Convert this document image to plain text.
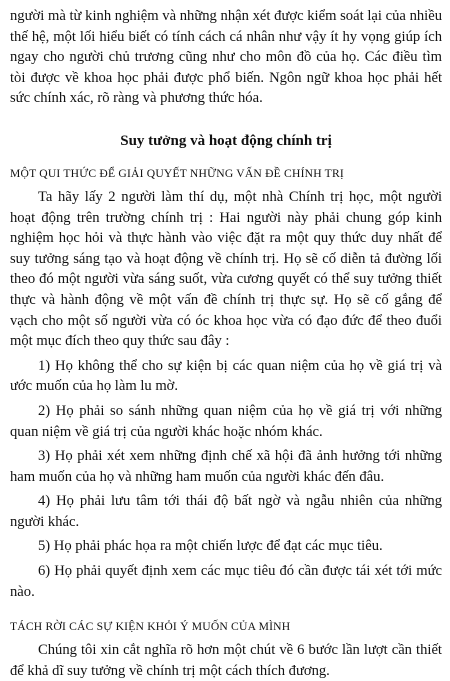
người mà từ kinh nghiệm và những nhận xét được kiểm soát lại của nhiều thế hệ, một lối hiểu biết có tính cách cá nhân như vậy ít hy vọng giúp ích ngay cho người chủ trương cũng như cho môn đồ của họ. Các điều tìm tòi được về khoa học phải được phổ biến. Ngôn ngữ khoa học phải hết sức chính xác, rõ ràng và phương thức hóa.

Suy tưởng và hoạt động chính trị
MỘT QUI THỨC ĐỂ GIẢI QUYẾT NHỮNG VẤN ĐỀ CHÍNH TRỊ

Ta hãy lấy 2 người làm thí dụ, một nhà Chính trị học, một người hoạt động trên trường chính trị : Hai người này phải chung góp kinh nghiệm học hỏi và thực hành vào việc đặt ra một quy thức duy nhất để suy tưởng sáng tạo và hoạt động về chính trị. Họ sẽ cố diễn tả đường lối theo đó một người vừa sáng suốt, vừa cương quyết có thể suy tưởng thiết thực và hành động về một vấn đề chính trị thực sự. Họ sẽ cố gắng để vạch cho một số người vừa có óc khoa học vừa có đạo đức để theo đuổi một mục đích theo quy thức sau đây :

1) Họ không thể cho sự kiện bị các quan niệm của họ về giá trị và ước muốn của họ làm lu mờ.

2) Họ phải so sánh những quan niệm của họ về giá trị với những quan niệm về giá trị của người khác hoặc nhóm khác.

3) Họ phải xét xem những định chế xã hội đã ảnh hưởng tới những ham muốn của họ và những ham muốn của người khác đến đâu.

4) Họ phải lưu tâm tới thái độ bất ngờ và ngẫu nhiên của những người khác.

5) Họ phải phác họa ra một chiến lược để đạt các mục tiêu.

6) Họ phải quyết định xem các mục tiêu đó cần được tái xét tới mức nào.

TÁCH RỜI CÁC SỰ KIỆN KHỎI Ý MUỐN CỦA MÌNH

Chúng tôi xin cắt nghĩa rõ hơn một chút về 6 bước lần lượt cần thiết để khả dĩ suy tưởng về chính trị một cách thích đương.
